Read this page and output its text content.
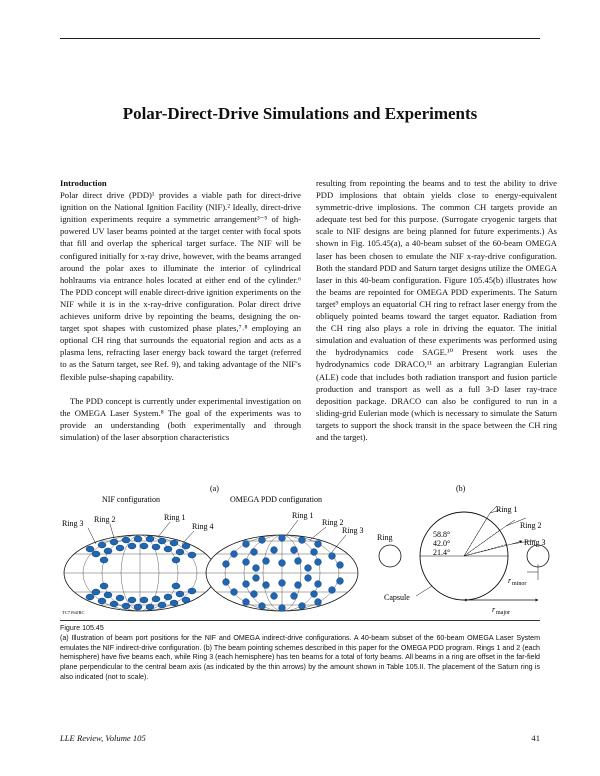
Polar-Direct-Drive Simulations and Experiments
Introduction

Polar direct drive (PDD)¹ provides a viable path for direct-drive ignition on the National Ignition Facility (NIF).² Ideally, direct-drive ignition experiments require a symmetric arrangement³⁻⁵ of high-powered UV laser beams pointed at the target center with focal spots that fill and overlap the spherical target surface. The NIF will be configured initially for x-ray drive, however, with the beams arranged around the polar axes to illuminate the interior of cylindrical hohlraums via entrance holes located at either end of the cylinder.⁶ The PDD concept will enable direct-drive ignition experiments on the NIF while it is in the x-ray-drive configuration. Polar direct drive achieves uniform drive by repointing the beams, designing the on-target spot shapes with customized phase plates,⁷˒⁸ employing an optional CH ring that surrounds the equatorial region and acts as a plasma lens, refracting laser energy back toward the target (referred to as the Saturn target, see Ref. 9), and taking advantage of the NIF's flexible pulse-shaping capability.

The PDD concept is currently under experimental investigation on the OMEGA Laser System.⁸ The goal of the experiments was to provide an understanding (both experimentally and through simulation) of the laser absorption characteristics

resulting from repointing the beams and to test the ability to drive PDD implosions that obtain yields close to energy-equivalent symmetric-drive implosions. The common CH targets provide an adequate test bed for this purpose. (Surrogate cryogenic targets that scale to NIF designs are being planned for future experiments.) As shown in Fig. 105.45(a), a 40-beam subset of the 60-beam OMEGA laser has been chosen to emulate the NIF x-ray-drive configuration. Both the standard PDD and Saturn target designs utilize the OMEGA laser in this 40-beam configuration. Figure 105.45(b) illustrates how the beams are repointed for OMEGA PDD experiments. The Saturn target⁹ employs an equatorial CH ring to refract laser energy from the obliquely pointed beams toward the target equator. Radiation from the CH ring also plays a role in driving the equator. The initial simulation and evaluation of these experiments was performed using the hydrodynamics code SAGE.¹⁰ Present work uses the hydrodynamics code DRACO,¹¹ an arbitrary Lagrangian Eulerian (ALE) code that includes both radiation transport and fusion particle production and transport as well as a full 3-D laser ray-trace deposition package. DRACO can also be configured to run in a sliding-grid Eulerian mode (which is necessary to simulate the Saturn targets to support the shock transit in the space between the CH ring and the target).

(a)	(b)
NIF configuration	OMEGA PDD configuration
Ring 3 Ring 2	Ring 1
Ring 4
TC7194JRC
Ring 1
Ring 2
Ring 3	58.8°
42.0°
21.4°
Ring
Ring 1
Ring 2
Ring 3
Capsule
r minor
r major
Figure 105.45
(a) Illustration of beam port positions for the NIF and OMEGA indirect-drive configurations. A 40-beam subset of the 60-beam OMEGA Laser System emulates the NIF indirect-drive configuration. (b) The beam pointing schemes described in this paper for the OMEGA PDD program. Rings 1 and 2 (each hemisphere) have five beams each, while Ring 3 (each hemisphere) has ten beams for a total of forty beams. All beams in a ring are offset in the far-field plane perpendicular to the central beam axis (as indicated by the thin arrows) by the amount shown in Table 105.II. The placement of the Saturn ring is also indicated (not to scale).
LLE Review, Volume 105	41
